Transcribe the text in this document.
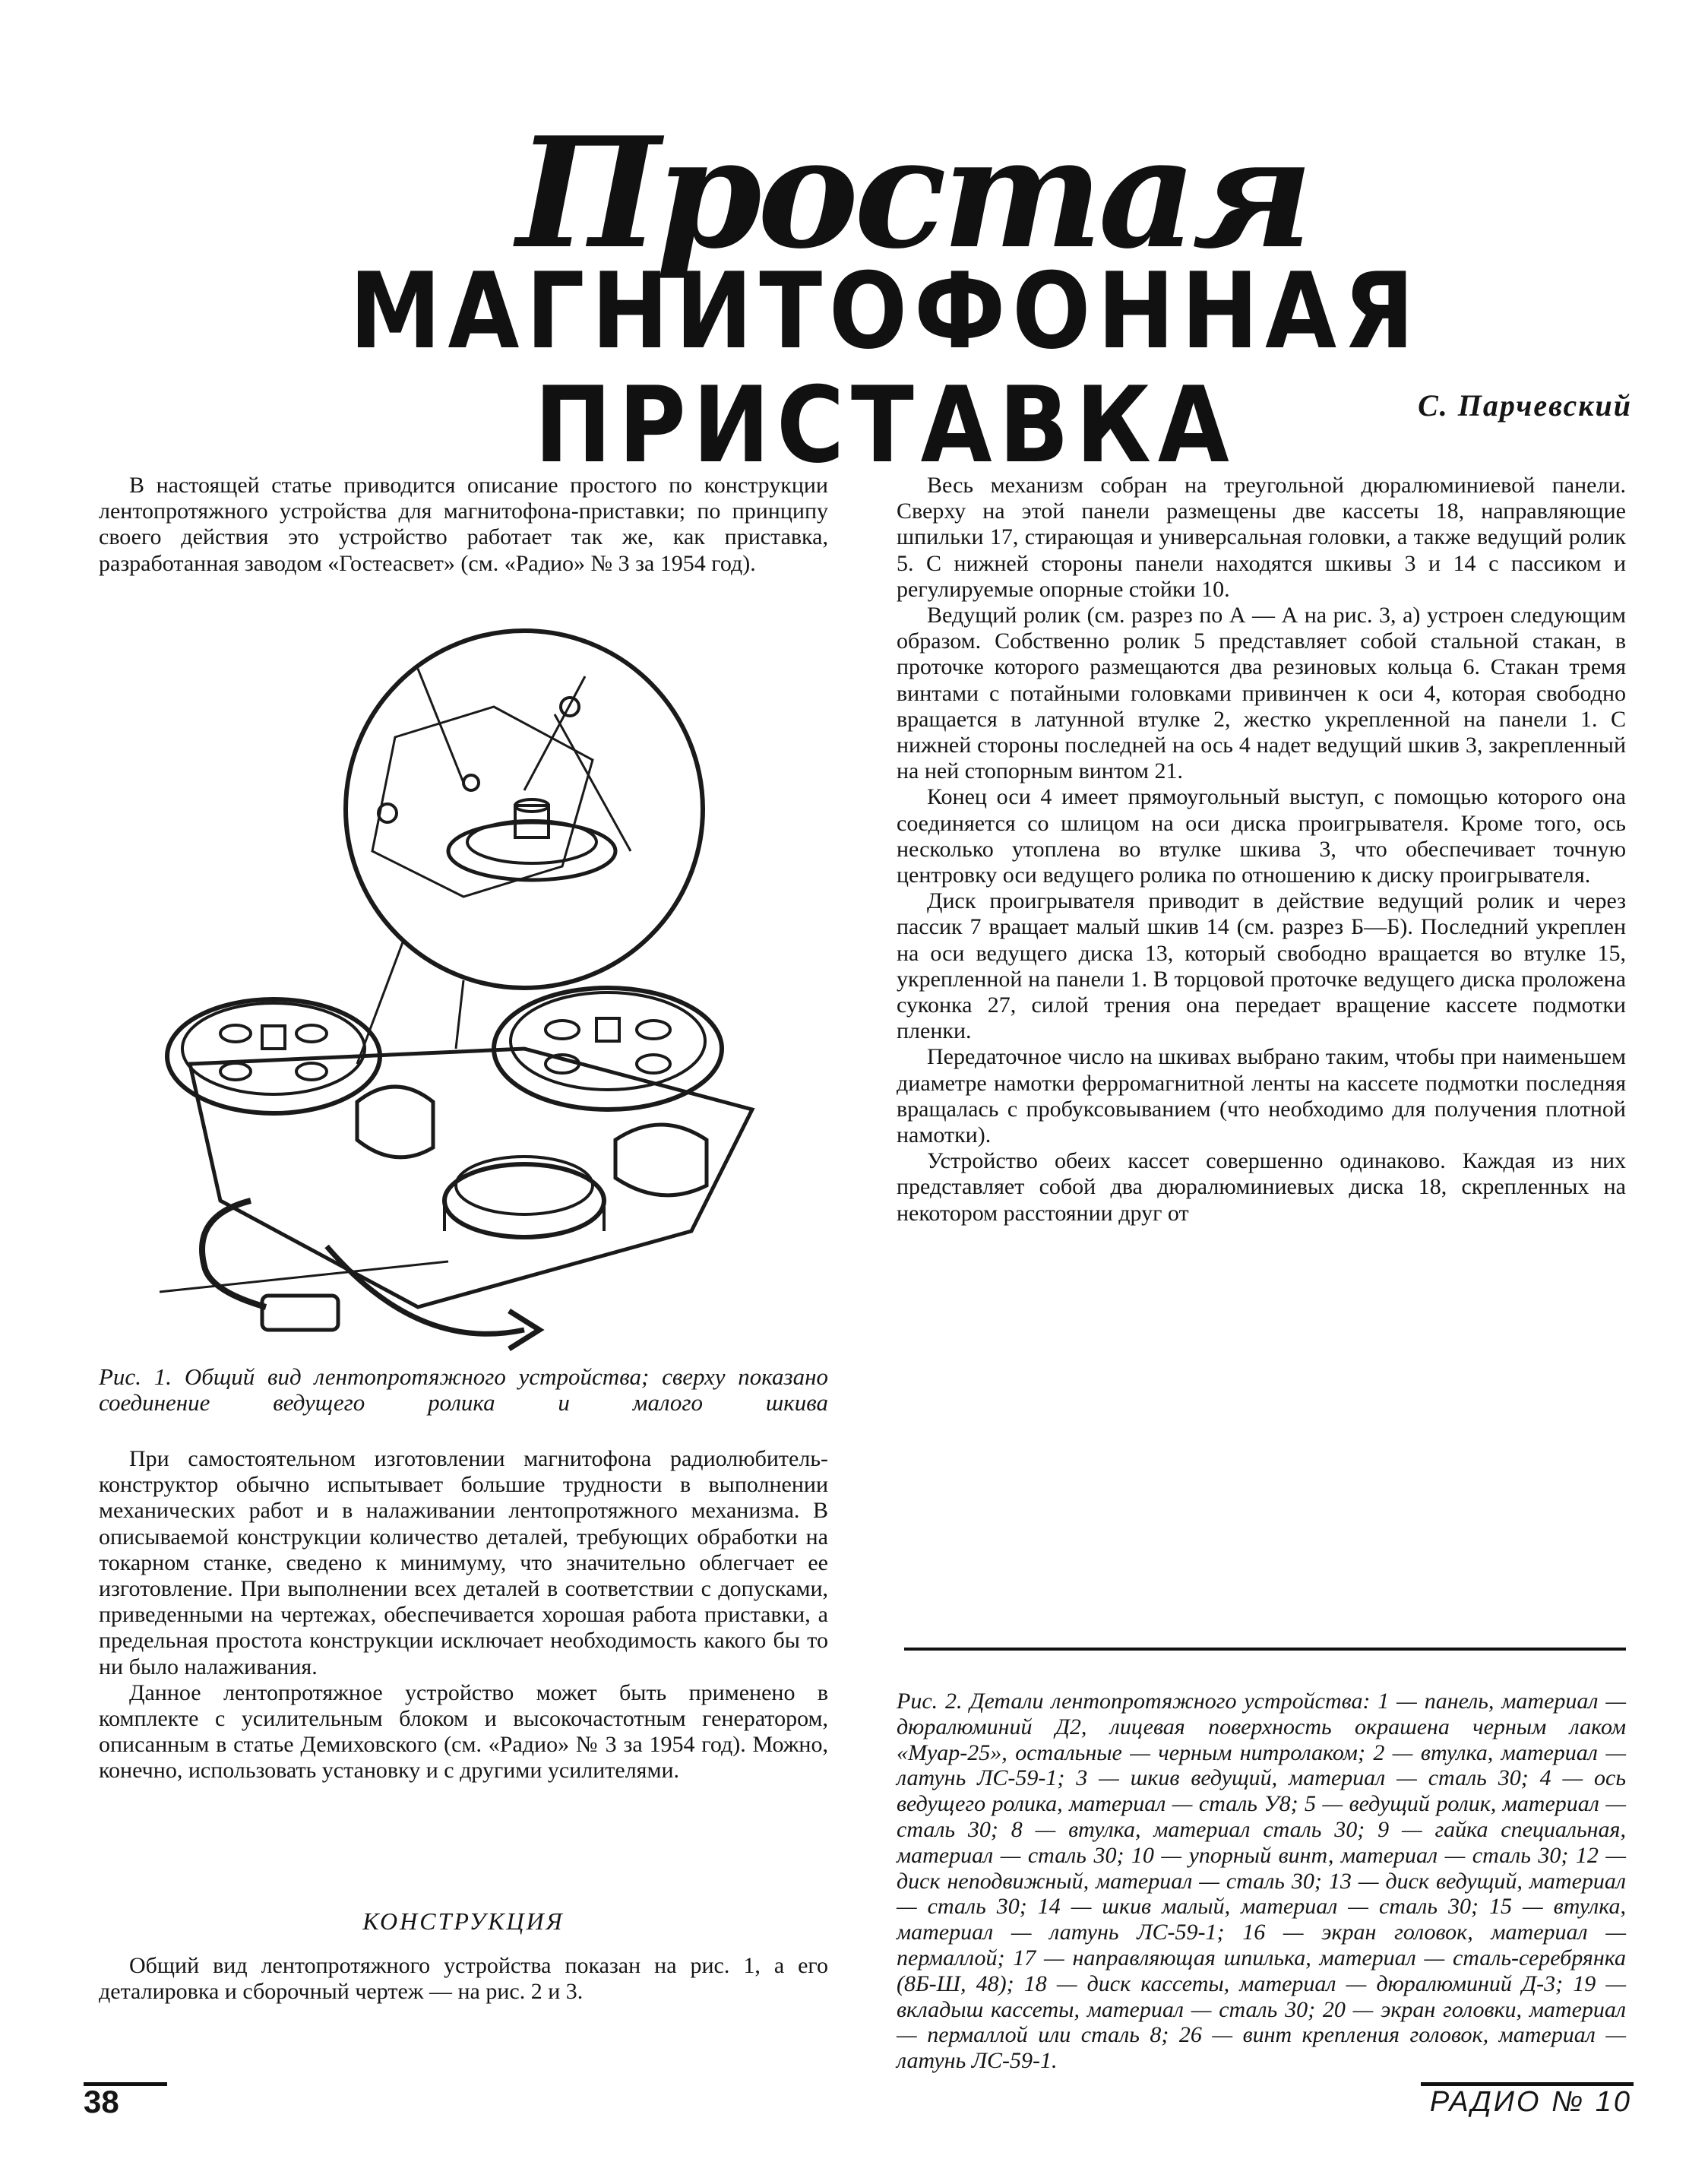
Простая
МАГНИТОФОННАЯ ПРИСТАВКА	С. Парчевский

В настоящей статье приводится описание простого по конструкции лентопротяжного устройства для магнитофона-приставки; по принципу своего действия это устройство работает так же, как приставка, разработанная заводом «Гостеасвет» (см. «Радио» № 3 за 1954 год).

Рис. 1. Общий вид лентопротяжного устройства; сверху показано соединение ведущего ролика и малого шкива

При самостоятельном изготовлении магнитофона радиолюбитель-конструктор обычно испытывает большие трудности в выполнении механических работ и в налаживании лентопротяжного механизма. В описываемой конструкции количество деталей, требующих обработки на токарном станке, сведено к минимуму, что значительно облегчает ее изготовление. При выполнении всех деталей в соответствии с допусками, приведенными на чертежах, обеспечивается хорошая работа приставки, а предельная простота конструкции исключает необходимость какого бы то ни было налаживания.

Данное лентопротяжное устройство может быть применено в комплекте с усилительным блоком и высокочастотным генератором, описанным в статье Демиховского (см. «Радио» № 3 за 1954 год). Можно, конечно, использовать установку и с другими усилителями.

КОНСТРУКЦИЯ

Общий вид лентопротяжного устройства показан на рис. 1, а его деталировка и сборочный чертеж — на рис. 2 и 3.

Весь механизм собран на треугольной дюралюминиевой панели. Сверху на этой панели размещены две кассеты 18, направляющие шпильки 17, стирающая и универсальная головки, а также ведущий ролик 5. С нижней стороны панели находятся шкивы 3 и 14 с пассиком и регулируемые опорные стойки 10.

Ведущий ролик (см. разрез по А — А на рис. 3, а) устроен следующим образом. Собственно ролик 5 представляет собой стальной стакан, в проточке которого размещаются два резиновых кольца 6. Стакан тремя винтами с потайными головками привинчен к оси 4, которая свободно вращается в латунной втулке 2, жестко укрепленной на панели 1. С нижней стороны последней на ось 4 надет ведущий шкив 3, закрепленный на ней стопорным винтом 21.

Конец оси 4 имеет прямоугольный выступ, с помощью которого она соединяется со шлицом на оси диска проигрывателя. Кроме того, ось несколько утоплена во втулке шкива 3, что обеспечивает точную центровку оси ведущего ролика по отношению к диску проигрывателя.

Диск проигрывателя приводит в действие ведущий ролик и через пассик 7 вращает малый шкив 14 (см. разрез Б—Б). Последний укреплен на оси ведущего диска 13, который свободно вращается во втулке 15, укрепленной на панели 1. В торцовой проточке ведущего диска проложена суконка 27, силой трения она передает вращение кассете подмотки пленки.

Передаточное число на шкивах выбрано таким, чтобы при наименьшем диаметре намотки ферромагнитной ленты на кассете подмотки последняя вращалась с пробуксовыванием (что необходимо для получения плотной намотки).

Устройство обеих кассет совершенно одинаково. Каждая из них представляет собой два дюралюминиевых диска 18, скрепленных на некотором расстоянии друг от

Рис. 2. Детали лентопротяжного устройства: 1 — панель, материал — дюралюминий Д2, лицевая поверхность окрашена черным лаком «Муар-25», остальные — черным нитролаком; 2 — втулка, материал — латунь ЛС-59-1; 3 — шкив ведущий, материал — сталь 30; 4 — ось ведущего ролика, материал — сталь У8; 5 — ведущий ролик, материал — сталь 30; 8 — втулка, материал сталь 30; 9 — гайка специальная, материал — сталь 30; 10 — упорный винт, материал — сталь 30; 12 — диск неподвижный, материал — сталь 30; 13 — диск ведущий, материал — сталь 30; 14 — шкив малый, материал — сталь 30; 15 — втулка, материал — латунь ЛС-59-1; 16 — экран головок, материал — пермаллой; 17 — направляющая шпилька, материал — сталь-серебрянка (8Б-Ш, 48); 18 — диск кассеты, материал — дюралюминий Д-3; 19 — вкладыш кассеты, материал — сталь 30; 20 — экран головки, материал — пермаллой или сталь 8; 26 — винт крепления головок, материал — латунь ЛС-59-1.
38	РАДИО № 10
